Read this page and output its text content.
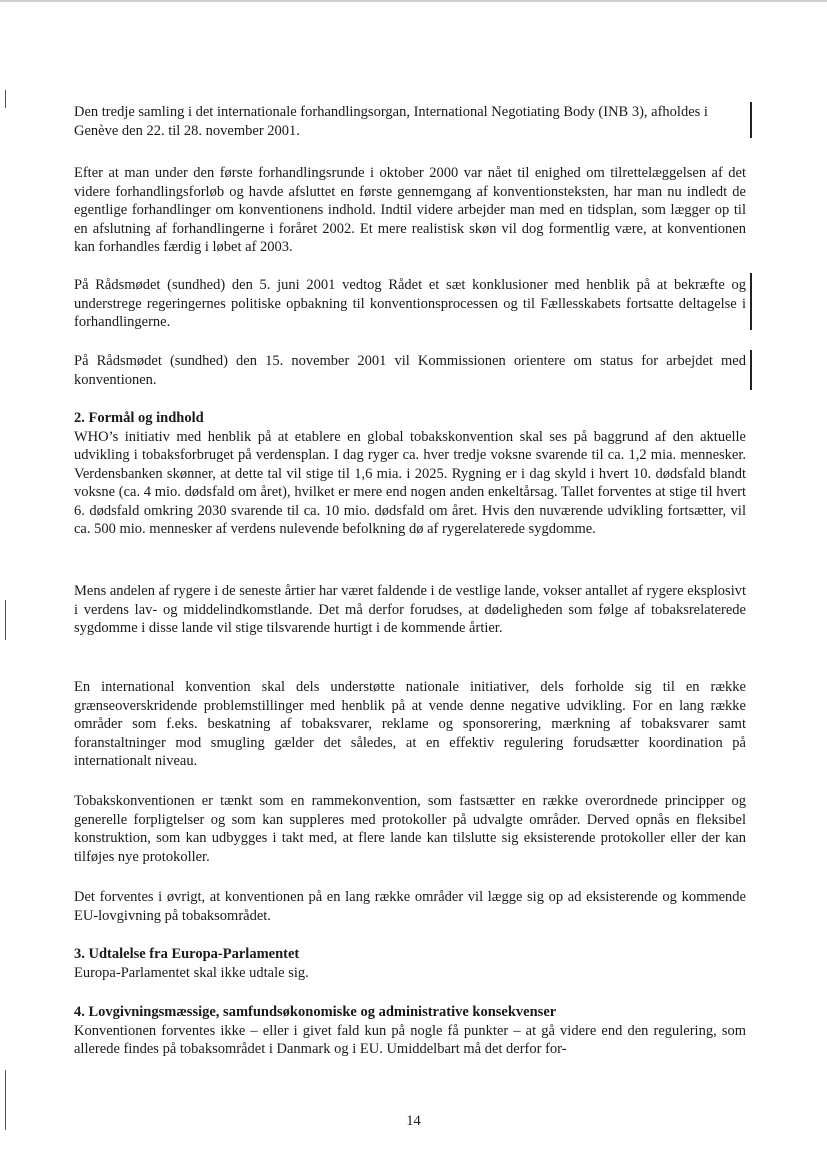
Den tredje samling i det internationale forhandlingsorgan, International Negotiating Body (INB 3), afholdes i Genève den 22. til 28. november 2001.

Efter at man under den første forhandlingsrunde i oktober 2000 var nået til enighed om tilrettelæggelsen af det videre forhandlingsforløb og havde afsluttet en første gennemgang af konventionsteksten, har man nu indledt de egentlige forhandlinger om konventionens indhold. Indtil videre arbejder man med en tidsplan, som lægger op til en afslutning af forhandlingerne i foråret 2002. Et mere realistisk skøn vil dog formentlig være, at konventionen kan forhandles færdig i løbet af 2003.

På Rådsmødet (sundhed) den 5. juni 2001 vedtog Rådet et sæt konklusioner med henblik på at bekræfte og understrege regeringernes politiske opbakning til konventionsprocessen og til Fællesskabets fortsatte deltagelse i forhandlingerne.

På Rådsmødet (sundhed) den 15. november 2001 vil Kommissionen orientere om status for arbejdet med konventionen.

2. Formål og indhold

WHO’s initiativ med henblik på at etablere en global tobakskonvention skal ses på baggrund af den aktuelle udvikling i tobaksforbruget på verdensplan. I dag ryger ca. hver tredje voksne svarende til ca. 1,2 mia. mennesker. Verdensbanken skønner, at dette tal vil stige til 1,6 mia. i 2025. Rygning er i dag skyld i hvert 10. dødsfald blandt voksne (ca. 4 mio. dødsfald om året), hvilket er mere end nogen anden enkeltårsag. Tallet forventes at stige til hvert 6. dødsfald omkring 2030 svarende til ca. 10 mio. dødsfald om året. Hvis den nuværende udvikling fortsætter, vil ca. 500 mio. mennesker af verdens nulevende befolkning dø af rygerelaterede sygdomme.

Mens andelen af rygere i de seneste årtier har været faldende i de vestlige lande, vokser antallet af rygere eksplosivt i verdens lav- og middelindkomstlande. Det må derfor forudses, at dødeligheden som følge af tobaksrelaterede sygdomme i disse lande vil stige tilsvarende hurtigt i de kommende årtier.

En international konvention skal dels understøtte nationale initiativer, dels forholde sig til en række grænseoverskridende problemstillinger med henblik på at vende denne negative udvikling. For en lang række områder som f.eks. beskatning af tobaksvarer, reklame og sponsorering, mærkning af tobaksvarer samt foranstaltninger mod smugling gælder det således, at en effektiv regulering forudsætter koordination på internationalt niveau.

Tobakskonventionen er tænkt som en rammekonvention, som fastsætter en række overordnede principper og generelle forpligtelser og som kan suppleres med protokoller på udvalgte områder. Derved opnås en fleksibel konstruktion, som kan udbygges i takt med, at flere lande kan tilslutte sig eksisterende protokoller eller der kan tilføjes nye protokoller.

Det forventes i øvrigt, at konventionen på en lang række områder vil lægge sig op ad eksisterende og kommende EU-lovgivning på tobaksområdet.

3. Udtalelse fra Europa-Parlamentet

Europa-Parlamentet skal ikke udtale sig.

4. Lovgivningsmæssige, samfundsøkonomiske og administrative konsekvenser

Konventionen forventes ikke – eller i givet fald kun på nogle få punkter – at gå videre end den regulering, som allerede findes på tobaksområdet i Danmark og i EU. Umiddelbart må det derfor for-

14
